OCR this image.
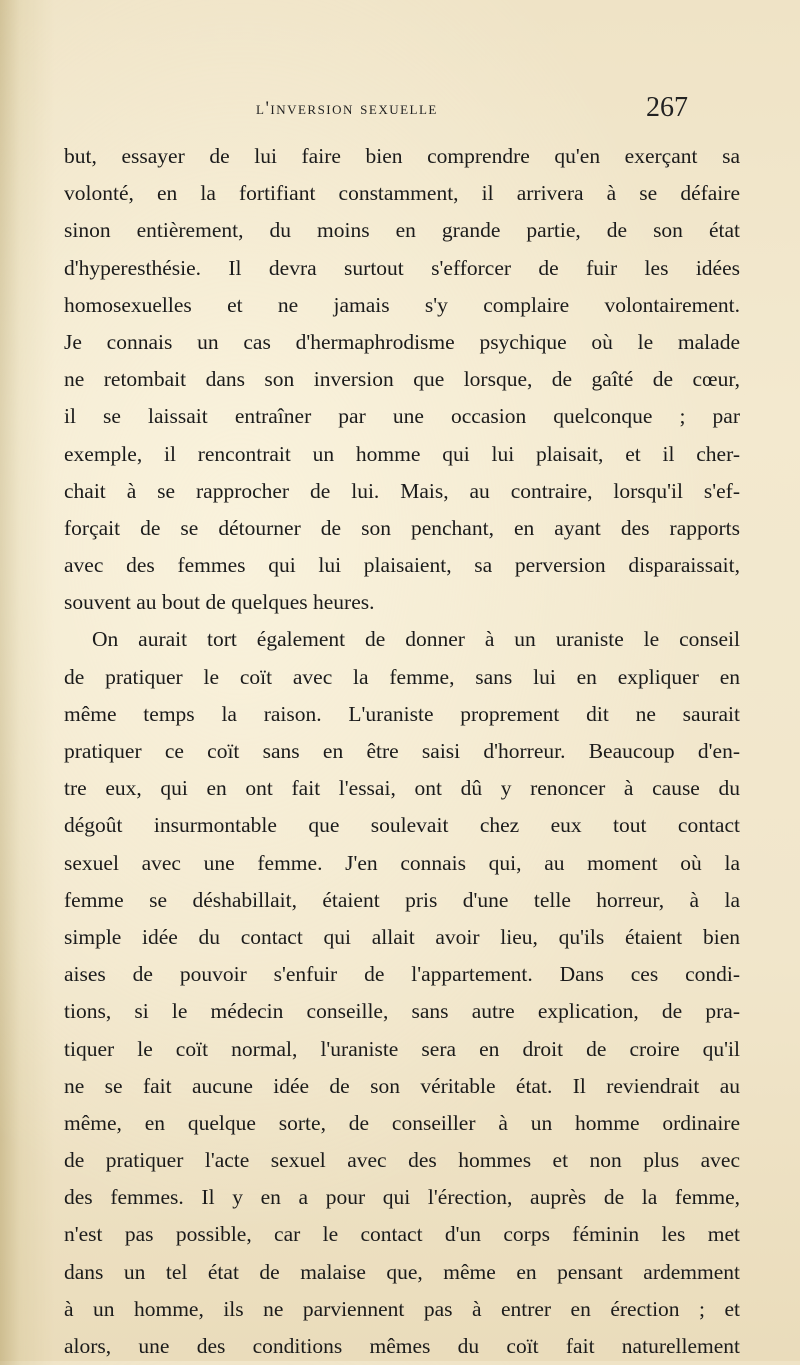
l'inversion sexuelle	267
but, essayer de lui faire bien comprendre qu'en exerçant sa
volonté, en la fortifiant constamment, il arrivera à se défaire
sinon entièrement, du moins en grande partie, de son état
d'hyperesthésie. Il devra surtout s'efforcer de fuir les idées
homosexuelles et ne jamais s'y complaire volontairement.
Je connais un cas d'hermaphrodisme psychique où le malade
ne retombait dans son inversion que lorsque, de gaîté de cœur,
il se laissait entraîner par une occasion quelconque ; par
exemple, il rencontrait un homme qui lui plaisait, et il cher-
chait à se rapprocher de lui. Mais, au contraire, lorsqu'il s'ef-
forçait de se détourner de son penchant, en ayant des rapports
avec des femmes qui lui plaisaient, sa perversion disparaissait,
souvent au bout de quelques heures.
On aurait tort également de donner à un uraniste le conseil
de pratiquer le coït avec la femme, sans lui en expliquer en
même temps la raison. L'uraniste proprement dit ne saurait
pratiquer ce coït sans en être saisi d'horreur. Beaucoup d'en-
tre eux, qui en ont fait l'essai, ont dû y renoncer à cause du
dégoût insurmontable que soulevait chez eux tout contact
sexuel avec une femme. J'en connais qui, au moment où la
femme se déshabillait, étaient pris d'une telle horreur, à la
simple idée du contact qui allait avoir lieu, qu'ils étaient bien
aises de pouvoir s'enfuir de l'appartement. Dans ces condi-
tions, si le médecin conseille, sans autre explication, de pra-
tiquer le coït normal, l'uraniste sera en droit de croire qu'il
ne se fait aucune idée de son véritable état. Il reviendrait au
même, en quelque sorte, de conseiller à un homme ordinaire
de pratiquer l'acte sexuel avec des hommes et non plus avec
des femmes. Il y en a pour qui l'érection, auprès de la femme,
n'est pas possible, car le contact d'un corps féminin les met
dans un tel état de malaise que, même en pensant ardemment
à un homme, ils ne parviennent pas à entrer en érection ; et
alors, une des conditions mêmes du coït fait naturellement
